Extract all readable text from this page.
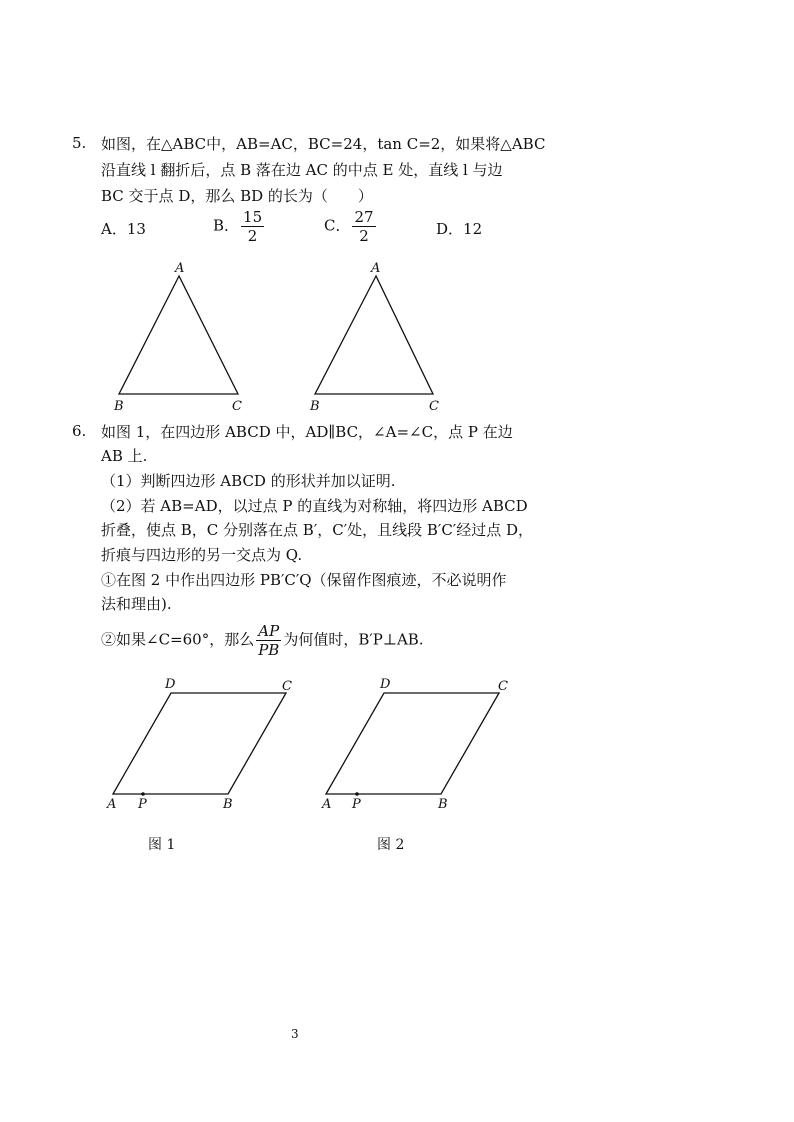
5. 如图，在△ABC中，AB=AC，BC=24，tan C=2，如果将△ABC
沿直线 l 翻折后，点 B 落在边 AC 的中点 E 处，直线 l 与边
BC 交于点 D，那么 BD 的长为（　　）
A．13	B． $\frac{15}{2}$	C． $\frac{27}{2}$	D．12
A
B	C
A
B	C
6. 如图 1，在四边形 ABCD 中，AD∥BC，∠A=∠C，点 P 在边
AB 上.
（1）判断四边形 ABCD 的形状并加以证明.
（2）若 AB=AD，以过点 P 的直线为对称轴，将四边形 ABCD
折叠，使点 B，C 分别落在点 B′，C′处，且线段 B′C′经过点 D，
折痕与四边形的另一交点为 Q.
①在图 2 中作出四边形 PB′C′Q（保留作图痕迹，不必说明作
法和理由).
②如果∠C=60°，那么 $\frac{AP}{PB}$ 为何值时，B′P⊥AB.
D	C
A P	B
D	C
A P	B
图 1	图 2
3
